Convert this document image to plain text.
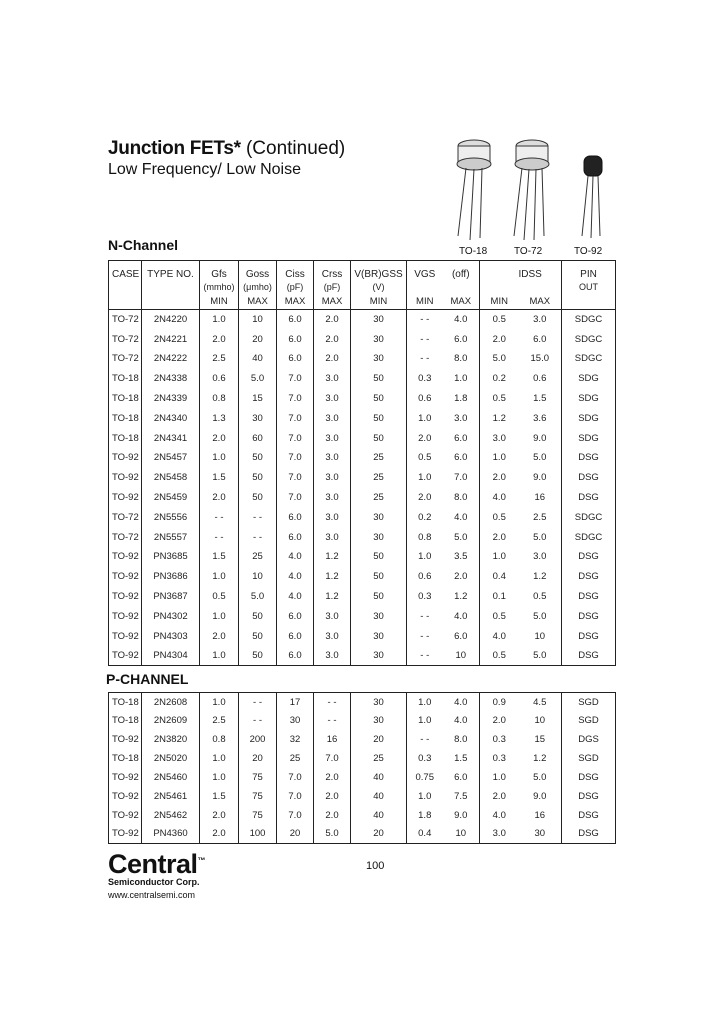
Junction FETs* (Continued)
Low Frequency/ Low Noise
TO-18	TO-72	TO-92
N-Channel
CASE	TYPE NO.	Gfs	Goss	Ciss	Crss	V(BR)GSS	VGS	(off)		IDSS	PIN
		(mmho)	(μmho)	(pF)	(pF)	(V)					OUT
		MIN	MAX	MAX	MAX	MIN	MIN	MAX	MIN	MAX	
TO-72	2N4220	1.0	10	6.0	2.0	30	- -	4.0	0.5	3.0	SDGC
TO-72	2N4221	2.0	20	6.0	2.0	30	- -	6.0	2.0	6.0	SDGC
TO-72	2N4222	2.5	40	6.0	2.0	30	- -	8.0	5.0	15.0	SDGC
TO-18	2N4338	0.6	5.0	7.0	3.0	50	0.3	1.0	0.2	0.6	SDG
TO-18	2N4339	0.8	15	7.0	3.0	50	0.6	1.8	0.5	1.5	SDG
TO-18	2N4340	1.3	30	7.0	3.0	50	1.0	3.0	1.2	3.6	SDG
TO-18	2N4341	2.0	60	7.0	3.0	50	2.0	6.0	3.0	9.0	SDG
TO-92	2N5457	1.0	50	7.0	3.0	25	0.5	6.0	1.0	5.0	DSG
TO-92	2N5458	1.5	50	7.0	3.0	25	1.0	7.0	2.0	9.0	DSG
TO-92	2N5459	2.0	50	7.0	3.0	25	2.0	8.0	4.0	16	DSG
TO-72	2N5556	- -	- -	6.0	3.0	30	0.2	4.0	0.5	2.5	SDGC
TO-72	2N5557	- -	- -	6.0	3.0	30	0.8	5.0	2.0	5.0	SDGC
TO-92	PN3685	1.5	25	4.0	1.2	50	1.0	3.5	1.0	3.0	DSG
TO-92	PN3686	1.0	10	4.0	1.2	50	0.6	2.0	0.4	1.2	DSG
TO-92	PN3687	0.5	5.0	4.0	1.2	50	0.3	1.2	0.1	0.5	DSG
TO-92	PN4302	1.0	50	6.0	3.0	30	- -	4.0	0.5	5.0	DSG
TO-92	PN4303	2.0	50	6.0	3.0	30	- -	6.0	4.0	10	DSG
TO-92	PN4304	1.0	50	6.0	3.0	30	- -	10	0.5	5.0	DSG
P-CHANNEL
TO-18	2N2608	1.0	- -	17	- -	30	1.0	4.0	0.9	4.5	SGD
TO-18	2N2609	2.5	- -	30	- -	30	1.0	4.0	2.0	10	SGD
TO-92	2N3820	0.8	200	32	16	20	- -	8.0	0.3	15	DGS
TO-18	2N5020	1.0	20	25	7.0	25	0.3	1.5	0.3	1.2	SGD
TO-92	2N5460	1.0	75	7.0	2.0	40	0.75	6.0	1.0	5.0	DSG
TO-92	2N5461	1.5	75	7.0	2.0	40	1.0	7.5	2.0	9.0	DSG
TO-92	2N5462	2.0	75	7.0	2.0	40	1.8	9.0	4.0	16	DSG
TO-92	PN4360	2.0	100	20	5.0	20	0.4	10	3.0	30	DSG
Central™
Semiconductor Corp.
www.centralsemi.com
100
